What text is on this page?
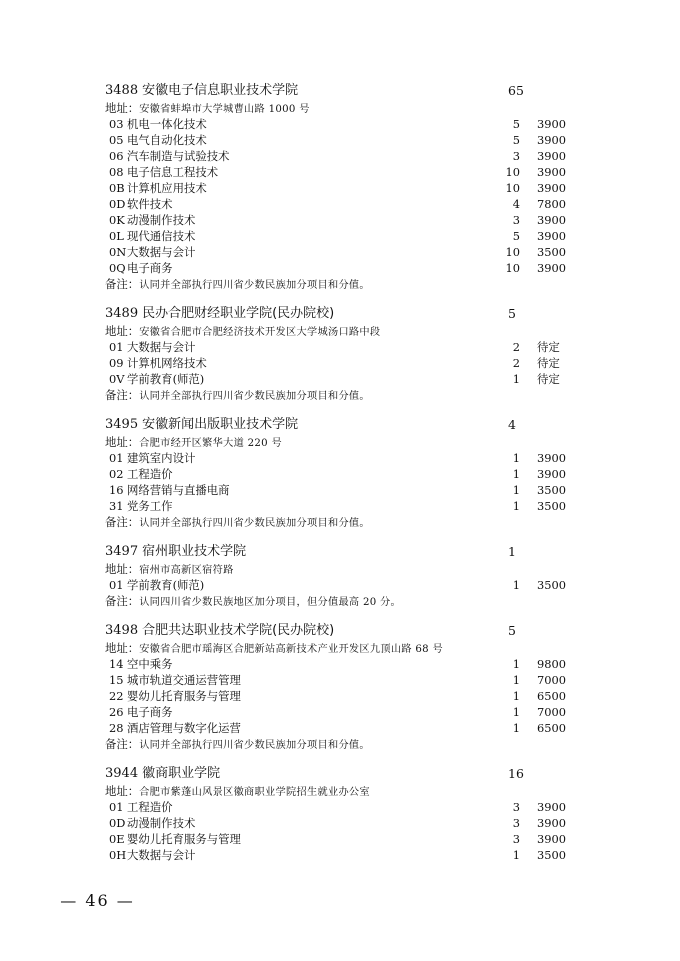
3488 安徽电子信息职业技术学院	65
地址：安徽省蚌埠市大学城曹山路 1000 号
03 机电一体化技术	5 3900
05 电气自动化技术	5 3900
06 汽车制造与试验技术	3 3900
08 电子信息工程技术	10 3900
0B 计算机应用技术	10 3900
0D 软件技术	4 7800
0K 动漫制作技术	3 3900
0L 现代通信技术	5 3900
0N大数据与会计	10 3500
0Q电子商务	10 3900
备注：认同并全部执行四川省少数民族加分项目和分值。
3489 民办合肥财经职业学院(民办院校)	5
地址：安徽省合肥市合肥经济技术开发区大学城汤口路中段
01 大数据与会计	2 待定
09 计算机网络技术	2 待定
0V 学前教育(师范)	1 待定
备注：认同并全部执行四川省少数民族加分项目和分值。
3495 安徽新闻出版职业技术学院	4
地址：合肥市经开区繁华大道 220 号
01 建筑室内设计	1 3900
02 工程造价	1 3900
16 网络营销与直播电商	1 3500
31 党务工作	1 3500
备注：认同并全部执行四川省少数民族加分项目和分值。
3497 宿州职业技术学院	1
地址：宿州市高新区宿符路
01 学前教育(师范)	1 3500
备注：认同四川省少数民族地区加分项目，但分值最高 20 分。
3498 合肥共达职业技术学院(民办院校)	5
地址：安徽省合肥市瑶海区合肥新站高新技术产业开发区九顶山路 68 号
14 空中乘务	1 9800
15 城市轨道交通运营管理	1 7000
22 婴幼儿托育服务与管理	1 6500
26 电子商务	1 7000
28 酒店管理与数字化运营	1 6500
备注：认同并全部执行四川省少数民族加分项目和分值。
3944 徽商职业学院	16
地址：合肥市紫蓬山风景区徽商职业学院招生就业办公室
01 工程造价	3 3900
0D 动漫制作技术	3 3900
0E 婴幼儿托育服务与管理	3 3900
0H大数据与会计	1 3500
— 46 —
